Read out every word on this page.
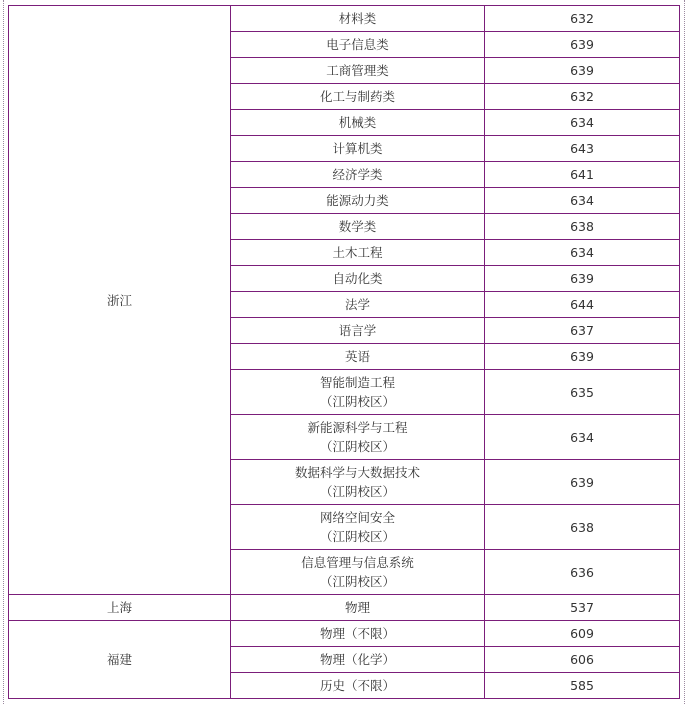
浙江	材料类	632

	电子信息类	639

	工商管理类	639

	化工与制药类	632

	机械类	634

	计算机类	643

	经济学类	641

	能源动力类	634

	数学类	638

	土木工程	634

	自动化类	639

	法学	644

	语言学	637

	英语	639

	智能制造工程
（江阴校区）	635

	新能源科学与工程
（江阴校区）	634

	数据科学与大数据技术
（江阴校区）	639

	网络空间安全
（江阴校区）	638

	信息管理与信息系统
（江阴校区）	636
上海	物理	537
福建	物理（不限）	609

	物理（化学）	606

	历史（不限）	585
